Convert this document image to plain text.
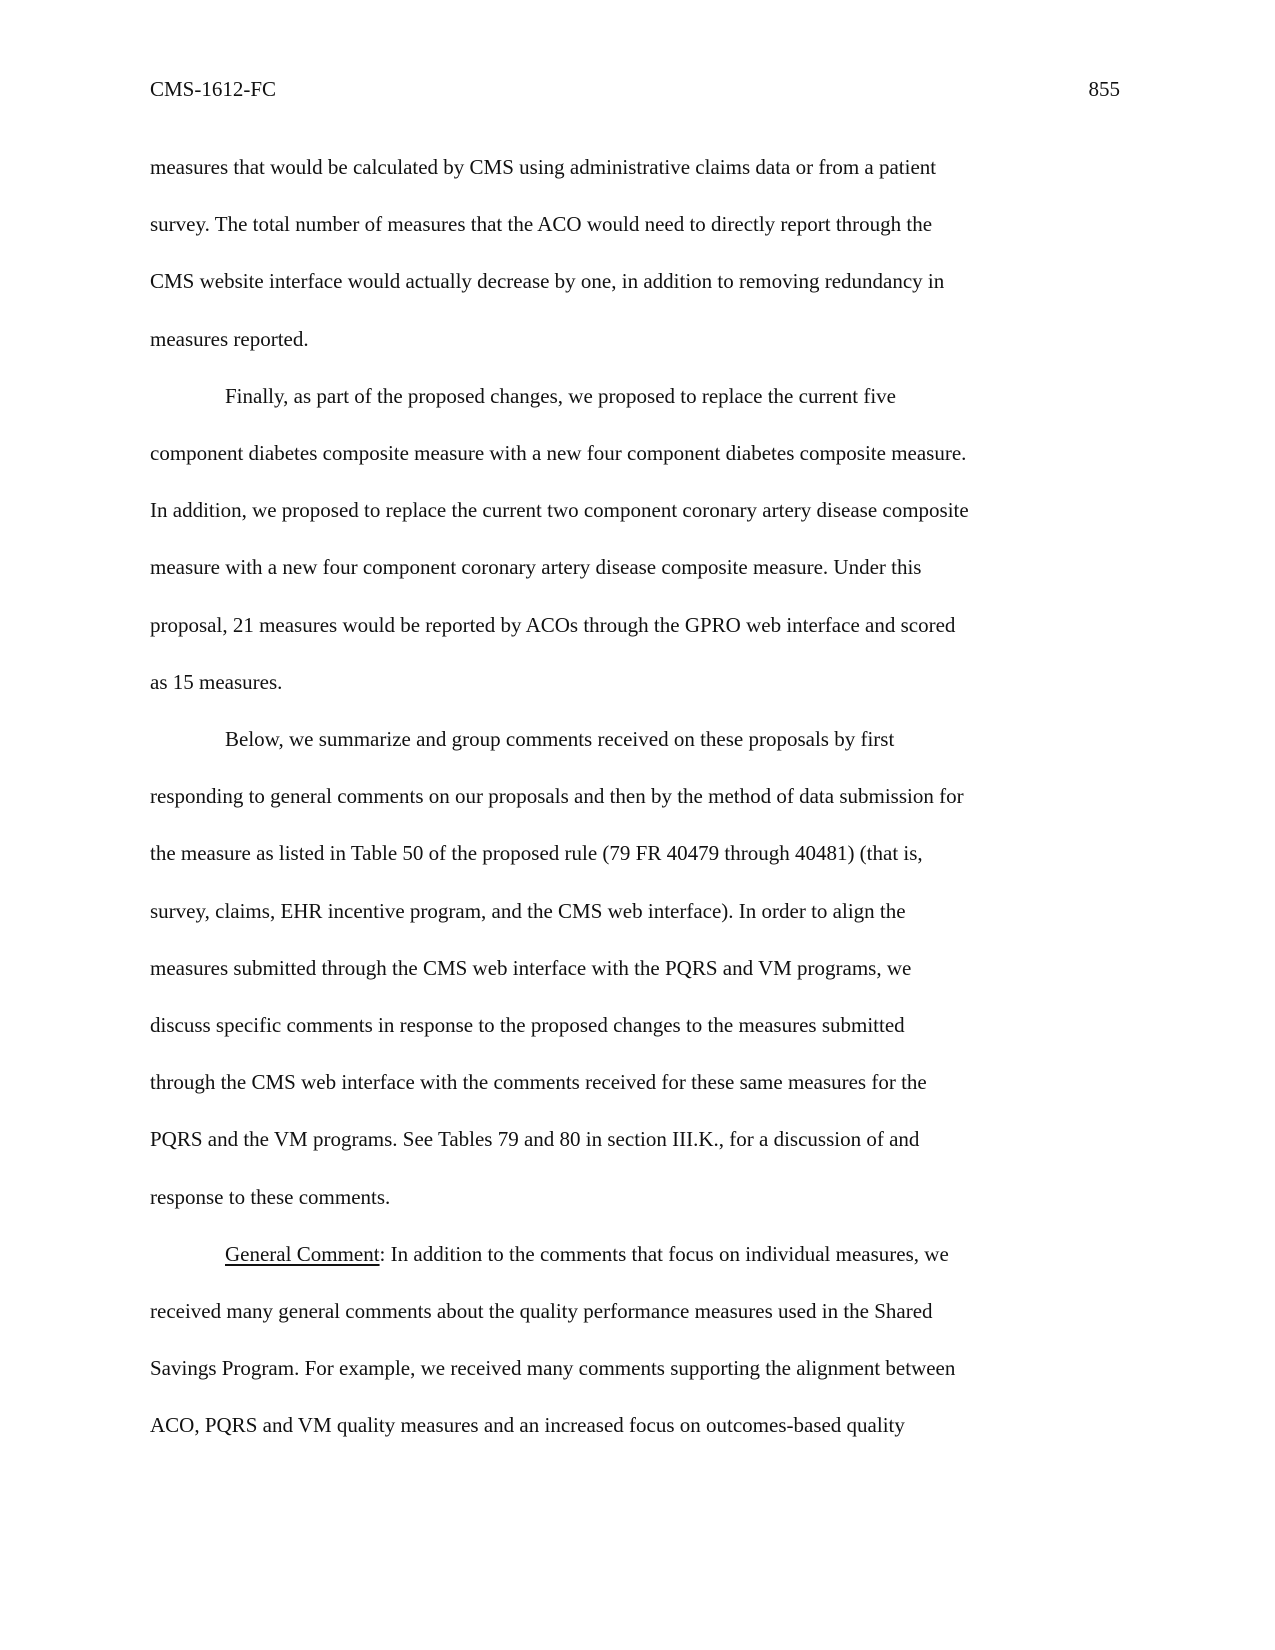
CMS-1612-FC	855
measures that would be calculated by CMS using administrative claims data or from a patient
survey. The total number of measures that the ACO would need to directly report through the
CMS website interface would actually decrease by one, in addition to removing redundancy in
measures reported.
Finally, as part of the proposed changes, we proposed to replace the current five
component diabetes composite measure with a new four component diabetes composite measure.
In addition, we proposed to replace the current two component coronary artery disease composite
measure with a new four component coronary artery disease composite measure. Under this
proposal, 21 measures would be reported by ACOs through the GPRO web interface and scored
as 15 measures.
Below, we summarize and group comments received on these proposals by first
responding to general comments on our proposals and then by the method of data submission for
the measure as listed in Table 50 of the proposed rule (79 FR 40479 through 40481) (that is,
survey, claims, EHR incentive program, and the CMS web interface). In order to align the
measures submitted through the CMS web interface with the PQRS and VM programs, we
discuss specific comments in response to the proposed changes to the measures submitted
through the CMS web interface with the comments received for these same measures for the
PQRS and the VM programs. See Tables 79 and 80 in section III.K., for a discussion of and
response to these comments.
General Comment: In addition to the comments that focus on individual measures, we
received many general comments about the quality performance measures used in the Shared
Savings Program. For example, we received many comments supporting the alignment between
ACO, PQRS and VM quality measures and an increased focus on outcomes-based quality
